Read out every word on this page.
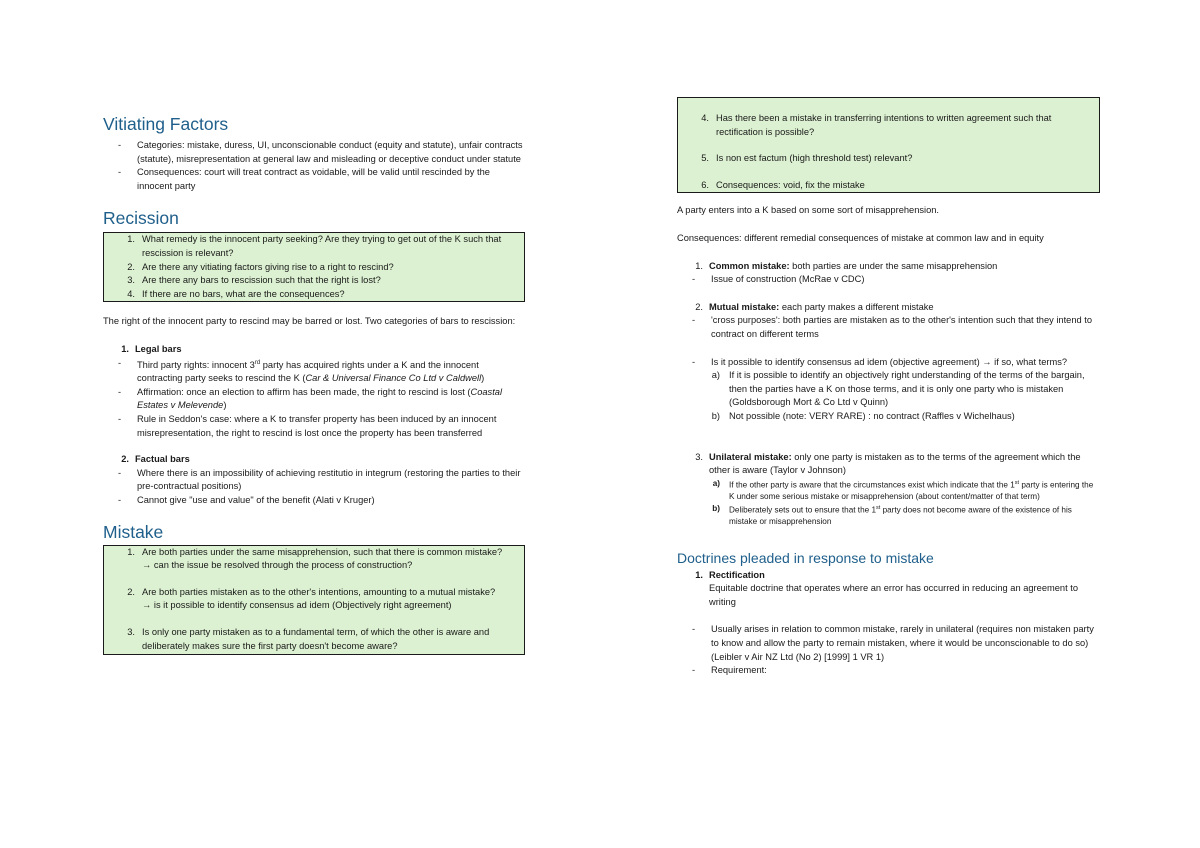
Vitiating Factors
-	Categories: mistake, duress, UI, unconscionable conduct (equity and statute), unfair contracts (statute), misrepresentation at general law and misleading or deceptive conduct under statute
-	Consequences: court will treat contract as voidable, will be valid until rescinded by the innocent party
Recission
1. What remedy is the innocent party seeking? Are they trying to get out of the K such that rescission is relevant?
2. Are there any vitiating factors giving rise to a right to rescind?
3. Are there any bars to rescission such that the right is lost?
4. If there are no bars, what are the consequences?

The right of the innocent party to rescind may be barred or lost. Two categories of bars to rescission:

1. Legal bars
-	Third party rights: innocent 3rd party has acquired rights under a K and the innocent contracting party seeks to rescind the K (Car & Universal Finance Co Ltd v Caldwell)
-	Affirmation: once an election to affirm has been made, the right to rescind is lost (Coastal Estates v Melevende)
-	Rule in Seddon's case: where a K to transfer property has been induced by an innocent misrepresentation, the right to rescind is lost once the property has been transferred
2. Factual bars
-	Where there is an impossibility of achieving restitutio in integrum (restoring the parties to their pre-contractual positions)
-	Cannot give "use and value" of the benefit (Alati v Kruger)
Mistake
1. Are both parties under the same misapprehension, such that there is common mistake?
→ can the issue be resolved through the process of construction?
2. Are both parties mistaken as to the other's intentions, amounting to a mutual mistake?
→ is it possible to identify consensus ad idem (Objectively right agreement)
3. Is only one party mistaken as to a fundamental term, of which the other is aware and deliberately makes sure the first party doesn't become aware?
4. Has there been a mistake in transferring intentions to written agreement such that rectification is possible?
5. Is non est factum (high threshold test) relevant?
6. Consequences: void, fix the mistake

A party enters into a K based on some sort of misapprehension.

Consequences: different remedial consequences of mistake at common law and in equity

1. Common mistake: both parties are under the same misapprehension
-	Issue of construction (McRae v CDC)
2. Mutual mistake: each party makes a different mistake
-	'cross purposes': both parties are mistaken as to the other's intention such that they intend to contract on different terms
-	Is it possible to identify consensus ad idem (objective agreement) → if so, what terms?
a) If it is possible to identify an objectively right understanding of the terms of the bargain, then the parties have a K on those terms, and it is only one party who is mistaken (Goldsborough Mort & Co Ltd v Quinn)
b) Not possible (note: VERY RARE) : no contract (Raffles v Wichelhaus)
3. Unilateral mistake: only one party is mistaken as to the terms of the agreement which the other is aware (Taylor v Johnson)
a)	If the other party is aware that the circumstances exist which indicate that the 1st party is entering the K under some serious mistake or misapprehension (about content/matter of that term)
b)	Deliberately sets out to ensure that the 1st party does not become aware of the existence of his mistake or misapprehension
Doctrines pleaded in response to mistake
1. Rectification

Equitable doctrine that operates where an error has occurred in reducing an agreement to writing

-	Usually arises in relation to common mistake, rarely in unilateral (requires non mistaken party to know and allow the party to remain mistaken, where it would be unconscionable to do so) (Leibler v Air NZ Ltd (No 2) [1999] 1 VR 1)
-	Requirement:
